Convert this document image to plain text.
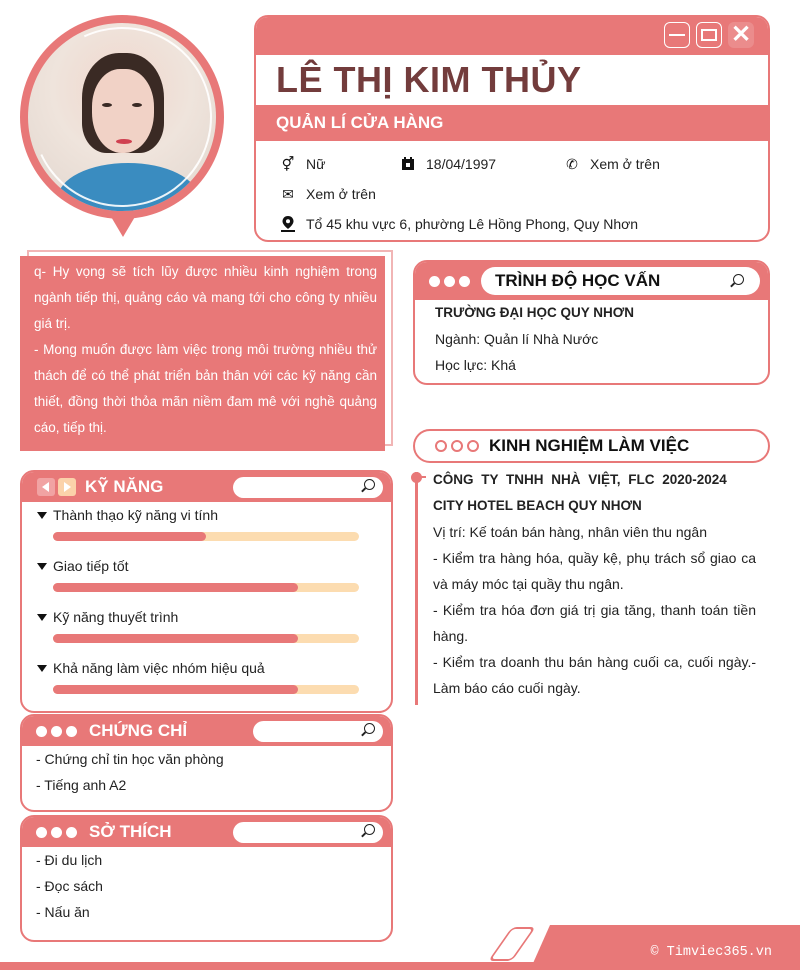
✕
LÊ THỊ KIM THỦY
QUẢN LÍ CỬA HÀNG
⚥ Nữ	18/04/1997	✆ Xem ở trên
✉ Xem ở trên
Tổ 45 khu vực 6, phường Lê Hồng Phong, Quy Nhơn
q- Hy vọng sẽ tích lũy được nhiều kinh nghiệm trong ngành tiếp thị, quảng cáo và mang tới cho công ty nhiều giá trị.
- Mong muốn được làm việc trong môi trường nhiều thử thách để có thể phát triển bản thân với các kỹ năng cần thiết, đồng thời thỏa mãn niềm đam mê với nghề quảng cáo, tiếp thị.
TRÌNH ĐỘ HỌC VẤN
TRƯỜNG ĐẠI HỌC QUY NHƠN
Ngành: Quản lí Nhà Nước
Học lực: Khá
KINH NGHIỆM LÀM VIỆC
CÔNG TY TNHH NHÀ VIỆT, FLC 2020-2024
CITY HOTEL BEACH QUY NHƠN
Vị trí: Kế toán bán hàng, nhân viên thu ngân
- Kiểm tra hàng hóa, quầy kệ, phụ trách sổ giao ca và máy móc tại quầy thu ngân.
- Kiểm tra hóa đơn giá trị gia tăng, thanh toán tiền hàng.
- Kiểm tra doanh thu bán hàng cuối ca, cuối ngày.- Làm báo cáo cuối ngày.
KỸ NĂNG
Thành thạo kỹ năng vi tính
Giao tiếp tốt
Kỹ năng thuyết trình
Khả năng làm việc nhóm hiệu quả
CHỨNG CHỈ
- Chứng chỉ tin học văn phòng
- Tiếng anh A2
SỞ THÍCH
- Đi du lịch
- Đọc sách
- Nấu ăn
© Timviec365.vn
